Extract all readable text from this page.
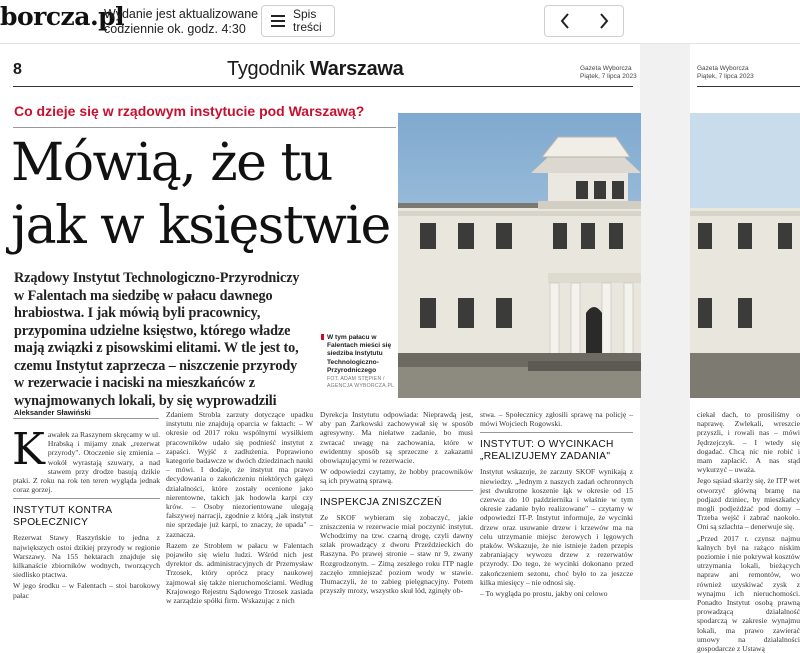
borcza.pl
Wydanie jest aktualizowane
codziennie ok. godz. 4:30
Spis
treści
8	Tygodnik Warszawa	Gazeta Wyborcza
Piątek, 7 lipca 2023
Gazeta Wyborcza
Piątek, 7 lipca 2023
Co dzieje się w rządowym instytucie pod Warszawą?
Mówią, że tu
jak w księstwie
Rządowy Instytut Technologiczno-Przyrodniczy w Falentach ma siedzibę w pałacu dawnego hrabiostwa. I jak mówią byli pracownicy, przypomina udzielne księstwo, którego władze mają związki z pisowskimi elitami. W tle jest to, czemu Instytut zaprzecza – niszczenie przyrody w rezerwacie i naciski na mieszkańców z wynajmowanych lokali, by się wyprowadzili
W tym pałacu w Falentach mieści się siedziba Instytutu Technologiczno-Przyrodniczego
FOT. ADAM STĘPIEŃ / AGENCJA WYBORCZA.PL
Aleksander Sławiński

Kawałek za Raszynem skręcamy w ul. Hrabską i mijamy znak „rezerwat przyrody". Otoczenie się zmienia – wokół wyrastają szuwary, a nad stawem przy drodze basują dzikie ptaki. Z roku na rok ten teren wygląda jednak coraz gorzej.

INSTYTUT KONTRA SPOŁECZNICY

Rezerwat Stawy Raszyńskie to jedna z największych ostoi dzikiej przyrody w regionie Warszawy. Na 155 hektarach znajduje się kilkanaście zbiorników wodnych, tworzących siedlisko ptactwa.

W jego środku – w Falentach – stoi barokowy pałac

Zdaniem Strobla zarzuty dotyczące upadku instytutu nie znajdują oparcia w faktach: – W okresie od 2017 roku wspólnymi wysiłkiem pracowników udało się podnieść instytut z zapaści. Wyjść z zadłużenia. Poprawiono kategorie badawcze w dwóch dziedzinach nauki – mówi. I dodaje, że instytut ma prawo decydowania o zakończeniu niektórych gałęzi działalności, które zostały ocenione jako nierentowne, takich jak hodowla karpi czy krów. – Osoby niezorientowane ulegają fałszywej narracji, zgodnie z którą „jak instytut nie sprzedaje już karpi, to znaczy, że upada" – zaznacza.

Razem ze Stroblem w pałacu w Falentach pojawiło się wielu ludzi. Wśród nich jest dyrektor ds. administracyjnych dr Przemysław Trzosek, który oprócz pracy naukowej zajmował się także nieruchomościami. Według Krajowego Rejestru Sądowego Trzosek zasiada w zarządzie spółki firm. Wskazując z nich

Dyrekcja Instytutu odpowiada: Nieprawdą jest, aby pan Żarkowski zachowywał się w sposób agresywny. Ma niełatwe zadanie, bo musi zwracać uwagę na zachowania, które w ewidentny sposób są sprzeczne z zakazami obowiązującymi w rezerwacie.

W odpowiedzi czytamy, że hobby pracowników są ich prywatną sprawą.

INSPEKCJA ZNISZCZEŃ

Ze SKOF wybieram się zobaczyć, jakie zniszczenia w rezerwacie miał poczynić instytut. Wchodzimy na tzw. czarną drogę, czyli dawny szlak prowadzący z dworu Przeździeckich do Raszyna. Po prawej stronie – staw nr 9, zwany Rozgrodzonym. – Zimą zeszłego roku ITP nagle zaczęło zmniejszać poziom wody w stawie. Tłumaczyli, że to zabieg pielęgnacyjny. Potem przyszły mrozy, wszystko skuł lód, zginęły ob-

stwa. – Społecznicy zgłosili sprawę na policję – mówi Wojciech Rogowski.

INSTYTUT: O WYCINKACH
„REALIZUJEMY ZADANIA"

Instytut wskazuje, że zarzuty SKOF wynikają z niewiedzy. „Jednym z naszych zadań ochronnych jest dwukrotne koszenie łąk w okresie od 15 czerwca do 10 października i właśnie w tym okresie zadanie było realizowane" – czytamy w odpowiedzi IT-P. Instytut informuje, że wycinki drzew oraz usuwanie drzew i krzewów ma na celu utrzymanie miejsc żerowych i lęgowych ptaków. Wskazuje, że nie istnieje żaden przepis zabraniający wywozu drzew z rezerwatów przyrody. Do tego, że wycinki dokonano przed zakończeniem sezonu, choć było to za jeszcze kilka miesięcy – nie odnosi się.

– To wygląda po prostu, jakby oni celowo

ciekał dach, to prosiliśmy o naprawę. Zwlekali, wreszcie przyszli, i rowali nas – mówi Jędrzejczyk. – I wtedy się dogadać. Chcą nic nie robić i mam zapłacić. A nas stąd wykurzyć – uważa.

Jego sąsiad skarży się, że ITP wet otworzyć główną bramę na podjazd dziniec, by mieszkańcy mogli podjeżdżać pod domy – Trzeba wejść i zabrać naokoło. Oni są szlachta – denerwuje się.

„Przed 2017 r. czynsz najmu kalnych był na rażąco niskim poziomie i nie pokrywał kosztów utrzymania lokali, bieżących napraw ani remontów, wo również uzyskiwać zysk z wynajmu ich nieruchomości. Ponadto Instytut osobą prawną prowadzącą działalność spodarczą w zakresie wynajmu lokali, ma prawo zawierać umowy na działalności gospodarcze z Ustawą
